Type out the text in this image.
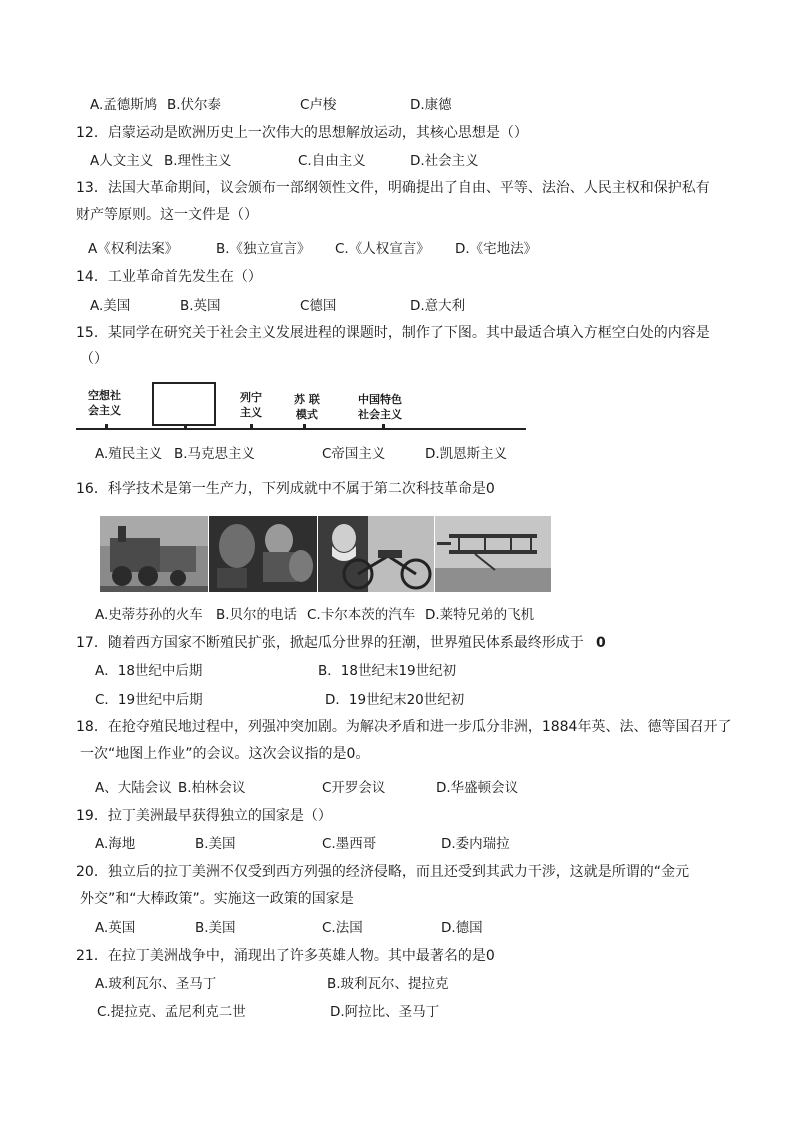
A.孟德斯鸠 B.伏尔泰	C卢梭	D.康德
12．启蒙运动是欧洲历史上一次伟大的思想解放运动，其核心思想是（）
A人文主义 B.理性主义	C.自由主义	D.社会主义
13．法国大革命期间，议会颁布一部纲领性文件，明确提出了自由、平等、法治、人民主权和保护私有
财产等原则。这一文件是（）
A《权利法案》	B.《独立宣言》 C.《人权宣言》 D.《宅地法》
14．工业革命首先发生在（）
A.美国	B.英国	C德国	D.意大利
15．某同学在研究关于社会主义发展进程的课题时，制作了下图。其中最适合填入方框空白处的内容是
（）
空想社
会主义
列宁
主义
苏 联
模式
中国特色
社会主义
A.殖民主义 B.马克思主义	C帝国主义	D.凯恩斯主义
16．科学技术是第一生产力，下列成就中不属于第二次科技革命是0
A.史蒂芬孙的火车 B.贝尔的电话 C.卡尔本茨的汽车 D.莱特兄弟的飞机
17．随着西方国家不断殖民扩张，掀起瓜分世界的狂潮，世界殖民体系最终形成于 0
A．18世纪中后期	B．18世纪末19世纪初
C．19世纪中后期	D．19世纪末20世纪初
18．在抢夺殖民地过程中，列强冲突加剧。为解决矛盾和进一步瓜分非洲，1884年英、法、德等国召开了
一次“地图上作业”的会议。这次会议指的是0。
A、大陆会议 B.柏林会议	C开罗会议	D.华盛顿会议
19．拉丁美洲最早获得独立的国家是（）
A.海地	B.美国	C.墨西哥	D.委内瑞拉
20．独立后的拉丁美洲不仅受到西方列强的经济侵略，而且还受到其武力干涉，这就是所谓的“金元
外交”和“大棒政策”。实施这一政策的国家是
A.英国	B.美国	C.法国	D.德国
21．在拉丁美洲战争中，涌现出了许多英雄人物。其中最著名的是0
A.玻利瓦尔、圣马丁	B.玻利瓦尔、提拉克
C.提拉克、孟尼利克二世	D.阿拉比、圣马丁
